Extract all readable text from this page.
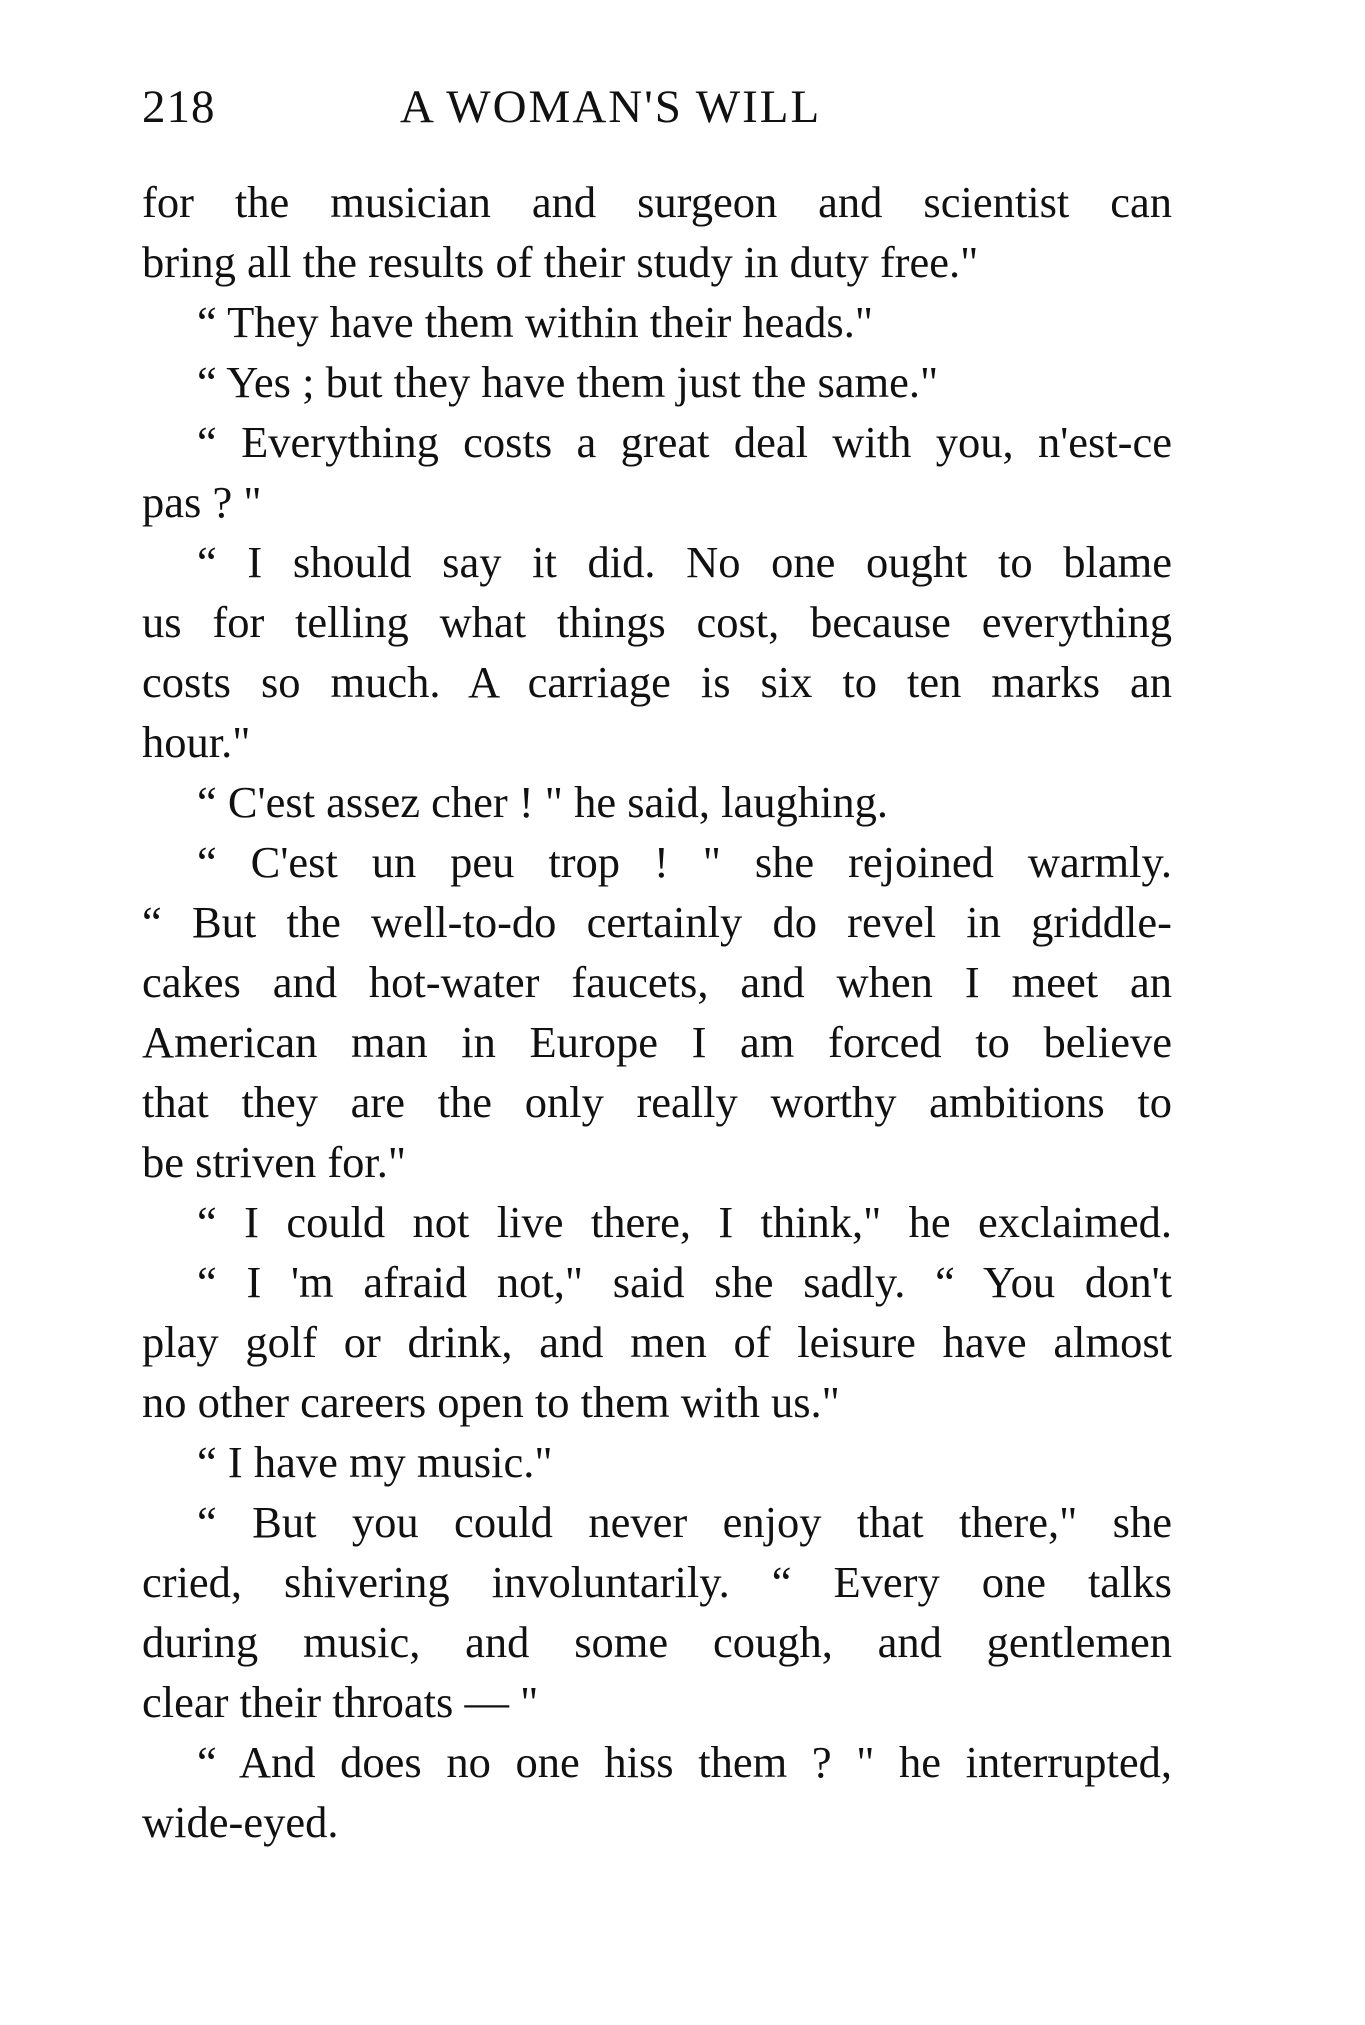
218	A WOMAN'S WILL
for the musician and surgeon and scientist can
bring all the results of their study in duty free."
“ They have them within their heads."
“ Yes ; but they have them just the same."
“ Everything costs a great deal with you, n'est-ce
pas ? "
“ I should say it did. No one ought to blame
us for telling what things cost, because everything
costs so much. A carriage is six to ten marks an
hour."
“ C'est assez cher ! " he said, laughing.
“ C'est un peu trop ! " she rejoined warmly.
“ But the well-to-do certainly do revel in griddle-
cakes and hot-water faucets, and when I meet an
American man in Europe I am forced to believe
that they are the only really worthy ambitions to
be striven for."
“ I could not live there, I think," he exclaimed.
“ I 'm afraid not," said she sadly. “ You don't
play golf or drink, and men of leisure have almost
no other careers open to them with us."
“ I have my music."
“ But you could never enjoy that there," she
cried, shivering involuntarily. “ Every one talks
during music, and some cough, and gentlemen
clear their throats — "
“ And does no one hiss them ? " he interrupted,
wide-eyed.
